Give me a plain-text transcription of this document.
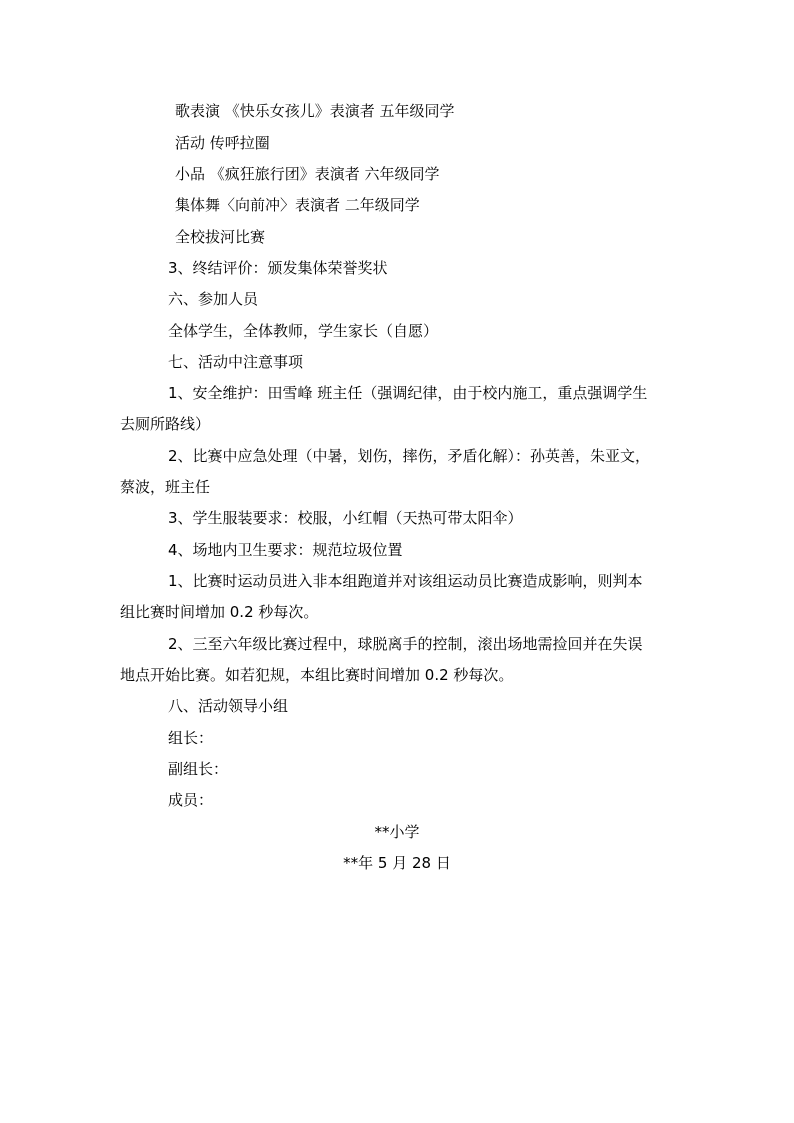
歌表演 《快乐女孩儿》表演者 五年级同学
活动 传呼拉圈
小品 《疯狂旅行团》表演者 六年级同学
集体舞〈向前冲〉表演者 二年级同学
全校拔河比赛
3、终结评价：颁发集体荣誉奖状
六、参加人员
全体学生，全体教师，学生家长（自愿）
七、活动中注意事项
1、安全维护：田雪峰 班主任（强调纪律，由于校内施工，重点强调学生
去厕所路线）
2、比赛中应急处理（中暑，划伤，摔伤，矛盾化解）：孙英善，朱亚文，
蔡波，班主任
3、学生服装要求：校服，小红帽（天热可带太阳伞）
4、场地内卫生要求：规范垃圾位置
1、比赛时运动员进入非本组跑道并对该组运动员比赛造成影响，则判本
组比赛时间增加 0.2 秒每次。
2、三至六年级比赛过程中，球脱离手的控制，滚出场地需捡回并在失误
地点开始比赛。如若犯规，本组比赛时间增加 0.2 秒每次。
八、活动领导小组
组长：
副组长：
成员：
**小学
**年 5 月 28 日
